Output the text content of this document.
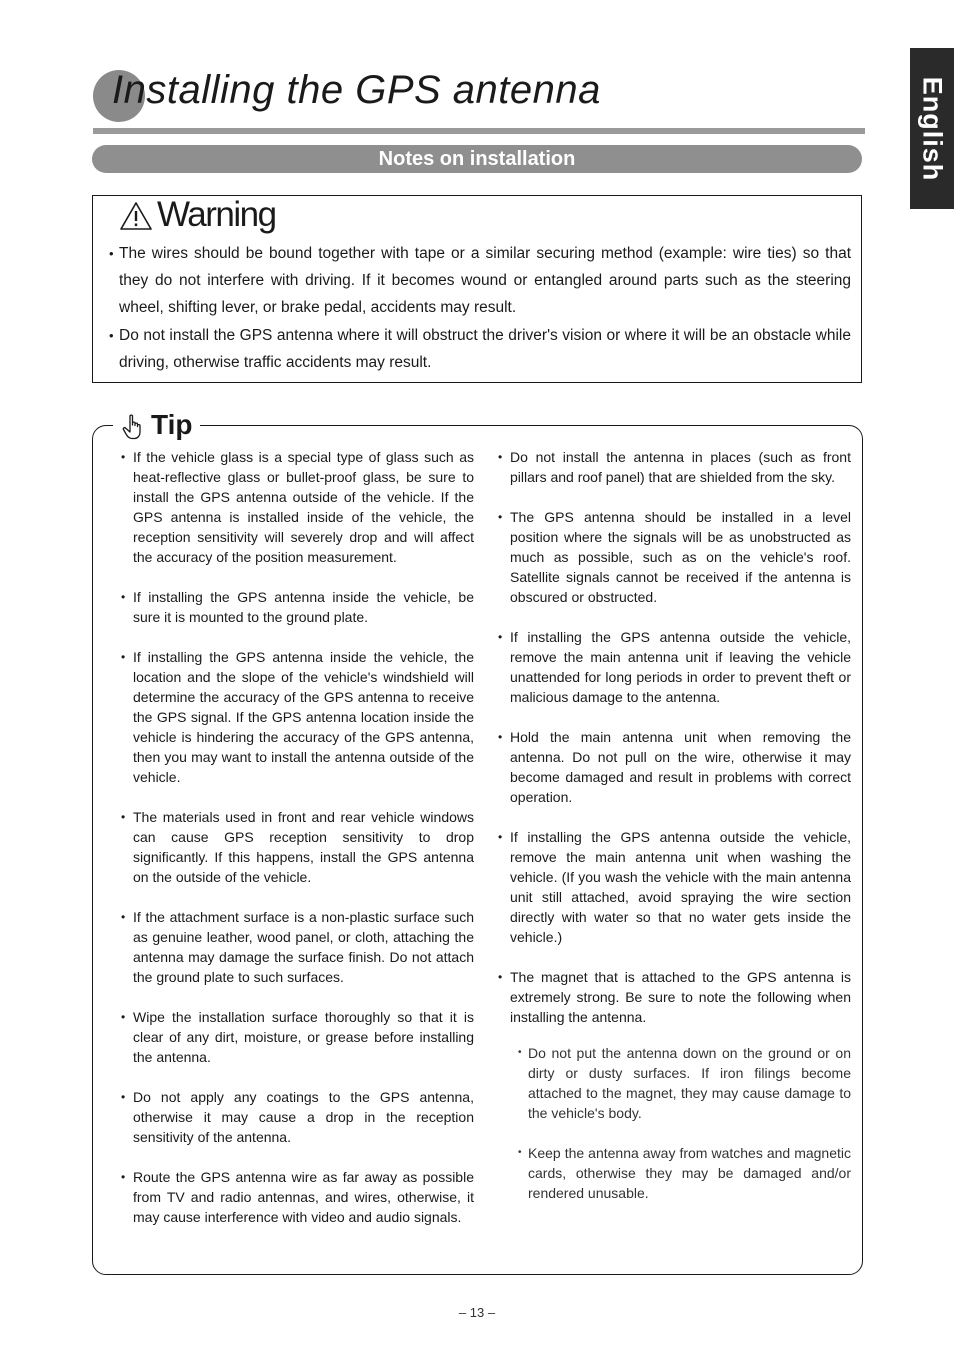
Installing the GPS antenna	English
Notes on installation
Warning
• The wires should be bound together with tape or a similar securing method (example: wire ties) so that they do not interfere with driving. If it becomes wound or entangled around parts such as the steering wheel, shifting lever, or brake pedal, accidents may result.
• Do not install the GPS antenna where it will obstruct the driver's vision or where it will be an obstacle while driving, otherwise traffic accidents may result.
Tip
• If the vehicle glass is a special type of glass such as heat-reflective glass or bullet-proof glass, be sure to install the GPS antenna outside of the vehicle. If the GPS antenna is installed inside of the vehicle, the reception sensitivity will severely drop and will affect the accuracy of the position measurement.
• If installing the GPS antenna inside the vehicle, be sure it is mounted to the ground plate.
• If installing the GPS antenna inside the vehicle, the location and the slope of the vehicle's windshield will determine the accuracy of the GPS antenna to receive the GPS signal. If the GPS antenna location inside the vehicle is hindering the accuracy of the GPS antenna, then you may want to install the antenna outside of the vehicle.
• The materials used in front and rear vehicle windows can cause GPS reception sensitivity to drop significantly. If this happens, install the GPS antenna on the outside of the vehicle.
• If the attachment surface is a non-plastic surface such as genuine leather, wood panel, or cloth, attaching the antenna may damage the surface finish. Do not attach the ground plate to such surfaces.
• Wipe the installation surface thoroughly so that it is clear of any dirt, moisture, or grease before installing the antenna.
• Do not apply any coatings to the GPS antenna, otherwise it may cause a drop in the reception sensitivity of the antenna.
• Route the GPS antenna wire as far away as possible from TV and radio antennas, and wires, otherwise, it may cause interference with video and audio signals.
• Do not install the antenna in places (such as front pillars and roof panel) that are shielded from the sky.
• The GPS antenna should be installed in a level position where the signals will be as unobstructed as much as possible, such as on the vehicle's roof. Satellite signals cannot be received if the antenna is obscured or obstructed.
• If installing the GPS antenna outside the vehicle, remove the main antenna unit if leaving the vehicle unattended for long periods in order to prevent theft or malicious damage to the antenna.
• Hold the main antenna unit when removing the antenna. Do not pull on the wire, otherwise it may become damaged and result in problems with correct operation.
• If installing the GPS antenna outside the vehicle, remove the main antenna unit when washing the vehicle. (If you wash the vehicle with the main antenna unit still attached, avoid spraying the wire section directly with water so that no water gets inside the vehicle.)
• The magnet that is attached to the GPS antenna is extremely strong. Be sure to note the following when installing the antenna.
• Do not put the antenna down on the ground or on dirty or dusty surfaces. If iron filings become attached to the magnet, they may cause damage to the vehicle's body.
• Keep the antenna away from watches and magnetic cards, otherwise they may be damaged and/or rendered unusable.
– 13 –
